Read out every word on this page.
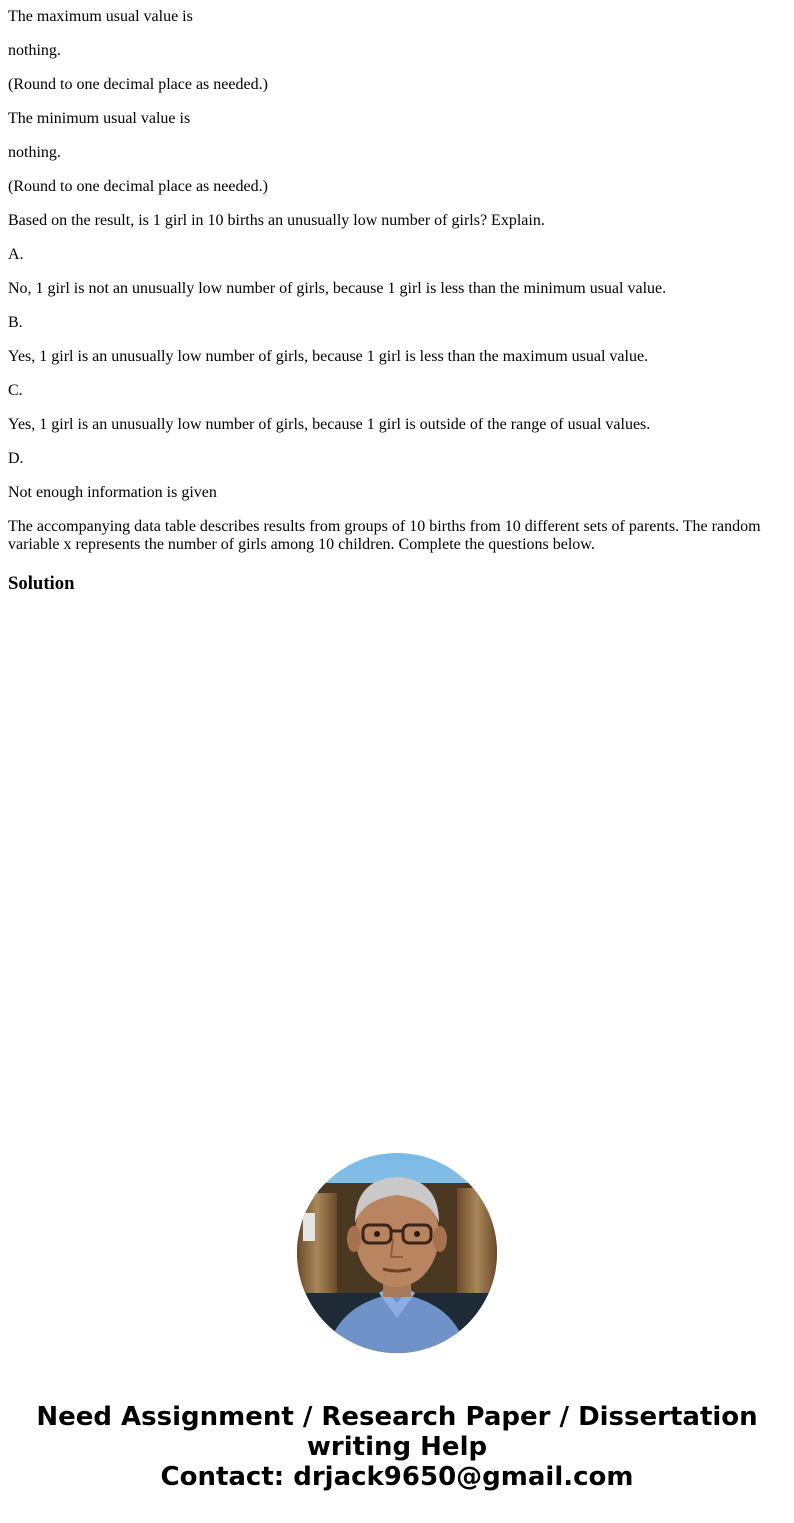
The maximum usual value is

nothing.

(Round to one decimal place as needed.)

The minimum usual value is

nothing.

(Round to one decimal place as needed.)

Based on the result, is 1 girl in 10 births an unusually low number of girls? Explain.

A.

No, 1 girl is not an unusually low number of girls, because 1 girl is less than the minimum usual value.

B.

Yes, 1 girl is an unusually low number of girls, because 1 girl is less than the maximum usual value.

C.

Yes, 1 girl is an unusually low number of girls, because 1 girl is outside of the range of usual values.

D.

Not enough information is given

The accompanying data table describes results from groups of 10 births from 10 different sets of parents. The random variable x represents the number of girls among 10 children. Complete the questions below.

Solution
Need Assignment / Research Paper / Dissertation
writing Help
Contact: drjack9650@gmail.com
